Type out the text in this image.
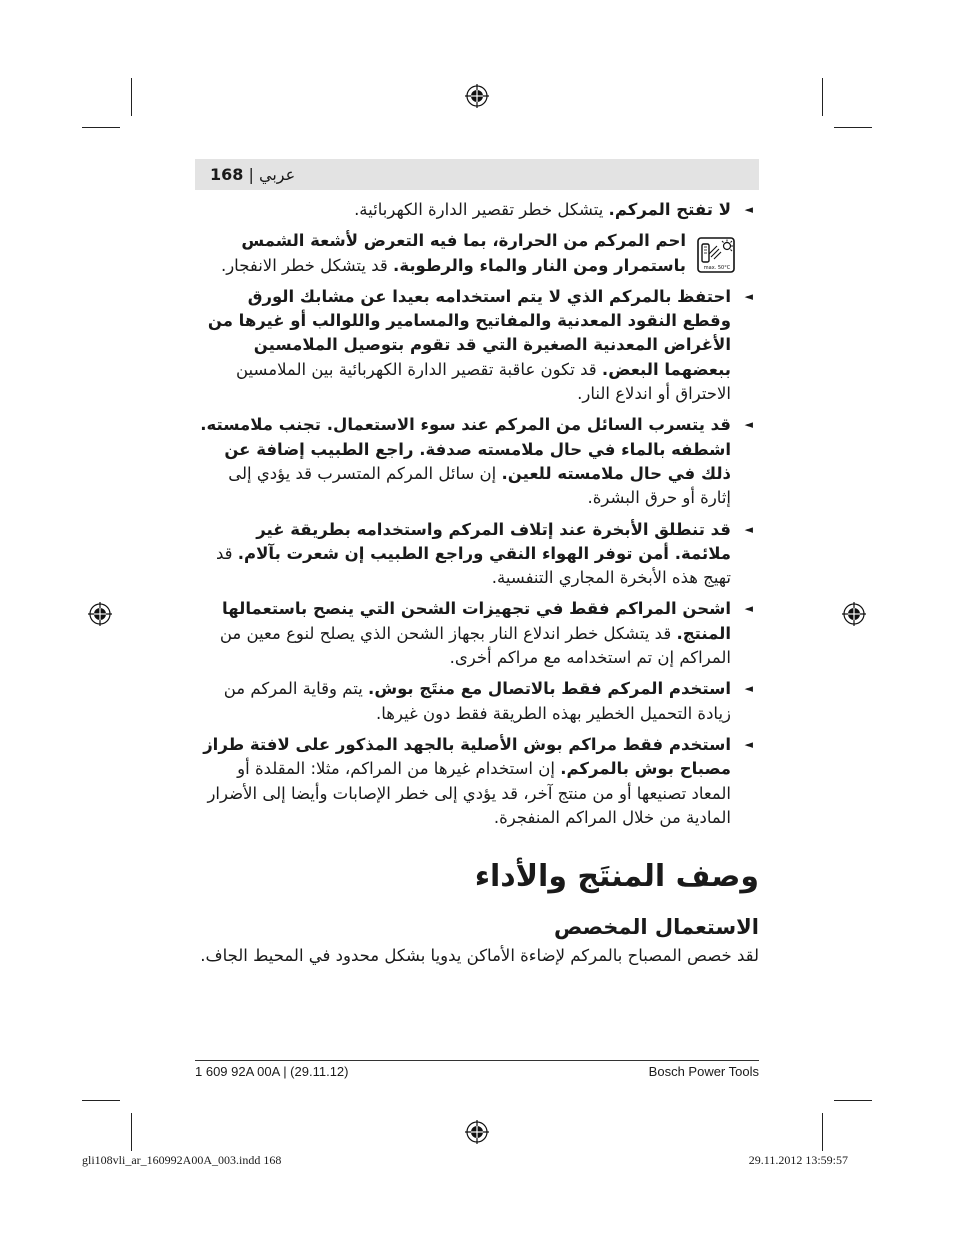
168 | عربي
◄
لا تفتح المركم. يتشكل خطر تقصير الدارة الكهربائية.
max. 50°C
احم المركم من الحرارة، بما فيه التعرض لأشعة الشمس باستمرار ومن النار والماء والرطوبة. قد يتشكل خطر الانفجار.
◄
احتفظ بالمركم الذي لا يتم استخدامه بعيدا عن مشابك الورق وقطع النقود المعدنية والمفاتيح والمسامير واللوالب أو غيرها من الأغراض المعدنية الصغيرة التي قد تقوم بتوصيل الملامسين ببعضهما البعض. قد تكون عاقبة تقصير الدارة الكهربائية بين الملامسين الاحتراق أو اندلاع النار.
◄
قد يتسرب السائل من المركم عند سوء الاستعمال. تجنب ملامسته. اشطفه بالماء في حال ملامسته صدفة. راجع الطبيب إضافة عن ذلك في حال ملامسته للعين. إن سائل المركم المتسرب قد يؤدي إلى إثارة أو حرق البشرة.
◄
قد تنطلق الأبخرة عند إتلاف المركم واستخدامه بطريقة غير ملائمة. أمن توفر الهواء النقي وراجع الطبيب إن شعرت بآلام. قد تهيج هذه الأبخرة المجاري التنفسية.
◄
اشحن المراكم فقط في تجهيزات الشحن التي ينصح باستعمالها المنتج. قد يتشكل خطر اندلاع النار بجهاز الشحن الذي يصلح لنوع معين من المراكم إن تم استخدامه مع مراكم أخرى.
◄
استخدم المركم فقط بالاتصال مع منتَج بوش. يتم وقاية المركم من زيادة التحميل الخطير بهذه الطريقة فقط دون غيرها.
◄
استخدم فقط مراكم بوش الأصلية بالجهد المذكور على لافتة طراز مصباح بوش بالمركم. إن استخدام غيرها من المراكم، مثلا: المقلدة أو المعاد تصنيعها أو من منتج آخر، قد يؤدي إلى خطر الإصابات وأيضا إلى الأضرار المادية من خلال المراكم المنفجرة.
وصف المنتَج والأداء
الاستعمال المخصص
لقد خصص المصباح بالمركم لإضاءة الأماكن يدويا بشكل محدود في المحيط الجاف.
1 609 92A 00A | (29.11.12)	Bosch Power Tools
gli108vli_ar_160992A00A_003.indd 168	29.11.2012 13:59:57
